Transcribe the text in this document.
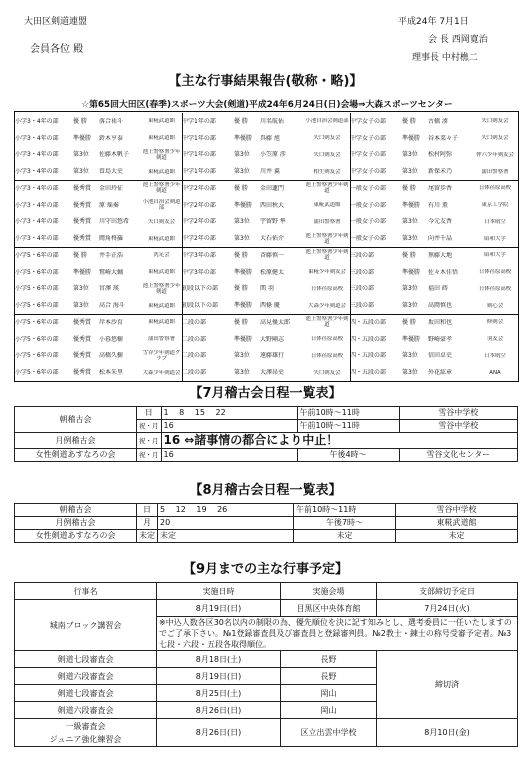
大田区剣道連盟
会員各位 殿
平成24年 7月1日
会 長 西岡寛治
理事長 中村樵二
【主な行事結果報告(敬称・略)】
☆第65回大田区(春季)スポーツ大会(剣道)平成24年6月24日(日)会場⇒大森スポーツセンター
小学3・4年の部	優 勝	落合祐斗	東糀武道館	中学1年の部	優 勝	川名航佑	小池自治会剣道部 中学女子の部	優 勝	古橋 湊	矢口剣友会
小学3・4年の部	準優勝	鈴木亨泰	東糀武道館	中学1年の部	準優勝	呉藤 旭	矢口剣友会	中学女子の部	準優勝	谷本菜々子	矢口剣友会
小学3・4年の部	第3位	佐藤木帆子	池上警察署少年剣道	中学1年の部	第3位	小笠原 渉	矢口剣友会	中学女子の部	第3位	松村阿弥	仲六少年剣友会
小学3・4年の部	第3位	曽島大史	東糀武道館	中学1年の部	第3位	川井 翼	相生剣友会	中学女子の部	第3位	新保未乃	蒲田警察署
小学3・4年の部	優秀賞	金田玲征	池上警察署少年剣道	中学2年の部	優 勝	金田蓮門	池上警察署少年剣道	一般女子の部	優 勝	尾留歩香	日体荏原高校
小学3・4年の部	優秀賞	原 瑶奏	小池自治会剣道部	中学2年の部	準優勝	西田秋大	東糀武道館	一般女子の部	準優勝	有川 薫	東京工学院
小学3・4年の部	優秀賞	川守田悠希	矢口剣友会	中学2年の部	第3位	宇留野 隼	蒲田警察署	一般女子の部	第3位	今元友香	日本航空
小学3・4年の部	優秀賞	岡角柊羅	東糀武道館	中学2年の部	第3位	大石佑介	池上警察署少年剣道	一般女子の部	第3位	向井千晶	昭和大学
小学5・6年の部	優 勝	井手正浩	洗足会	中学3年の部	優 勝	斉藤慎一	池上警察署少年剣道	三段の部	優 勝	無藤大地	昭和大学
小学5・6年の部	準優勝	鷲崎大輔	東糀武道館	中学3年の部	準優勝	松原健太	東糀少年剣友会 三段の部	準優勝	佐々木佳悟	日体荏原高校
小学5・6年の部	第3位	宮澤 瑛	池上警察署少年剣道	初段以下の部	優 勝	関 羽	日体荏原高校	三段の部	第3位	福田 蒔	日体荏原高校
小学5・6年の部	第3位	高合 海斗	東糀武道館	初段以下の部	準優勝	西條 慶	大森少年剣道会 三段の部	第3位	高岡慎也	剣心会
小学5・6年の部	優秀賞	岸本沙育	東糀武道館	二段の部	優 勝	高見優太郎	池上警察署少年剣道	四・五段の部	優 勝	坂田和也	修剣会
小学5・6年の部	優秀賞	小暮悠樹	蒲田警察署	二段の部	準優勝	大野剛志	日体荏原高校	四・五段の部	準優勝	野崎豪孝	羽友会
小学5・6年の部	優秀賞	高橋久樹	雪谷少年剣道クラブ	二段の部	第3位	遠藤雄行	日体荏原高校	四・五段の部	第3位	信田卓史	日本航空
小学5・6年の部	優秀賞	松本朱里	大森少年剣道会 二段の部	第3位	大澤昂史	矢口剣友会	四・五段の部	第3位	外花紘章	ANA
【7月稽古会日程一覧表】
朝稽古会	日	1 8 15 22	午前10時～11時	雪谷中学校
	祝・月	16	午前10時～11時	雪谷中学校
月例稽古会	祝・月	16 ⇔諸事情の都合により中止！		
女性剣道あすなろの会	祝・月	16	午後4時～	雪谷文化センター
【8月稽古会日程一覧表】
朝稽古会	日	5 12 19 26	午前10時～11時	雪谷中学校
月例稽古会	月	20	午後7時～	東糀武道館
女性剣道あすなろの会	未定	未定	未定	未定
【9月までの主な行事予定】
行事名	実施日時	実施会場	支部締切予定日
城南ブロック講習会	8月19日(日)	目黒区中央体育館	7月24日(火)
	※中込人数各区30名以内の制限の為、優先順位を決に記す知みとし、選考委員に一任いたしますのでご了承下さい。№1登録審査員及び審査員と登録審判員。№2教士・錬士の称号受審予定者。№3七段・六段・五段各取得順位。		
剣道七段審査会	8月18日(土)	長野	締切済
剣道六段審査会	8月19日(日)	長野	
剣道七段審査会	8月25日(土)	岡山	
剣道六段審査会	8月26日(日)	岡山	

一級審査会
ジュニア強化練習会	8月26日(日)	区立出雲中学校	8月10日(金)
